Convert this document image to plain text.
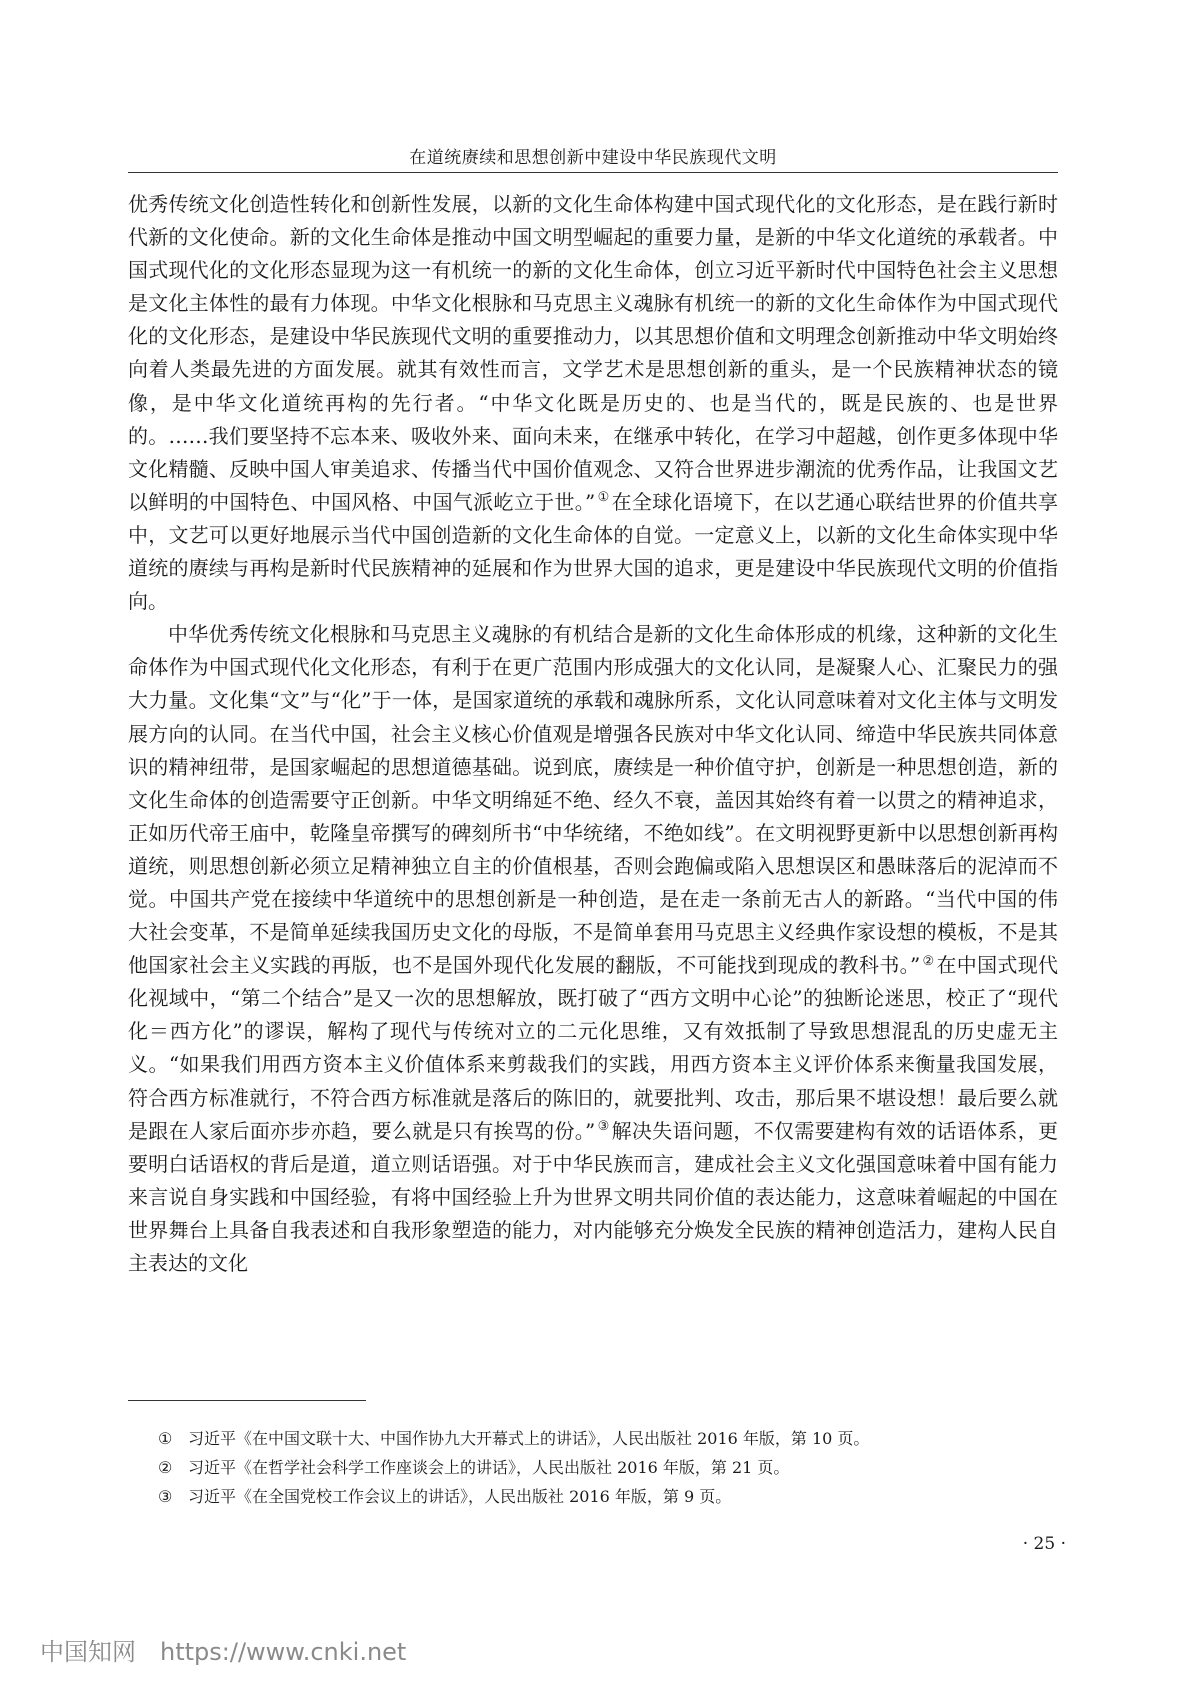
在道统赓续和思想创新中建设中华民族现代文明

优秀传统文化创造性转化和创新性发展，以新的文化生命体构建中国式现代化的文化形态，是在践行新时代新的文化使命。新的文化生命体是推动中国文明型崛起的重要力量，是新的中华文化道统的承载者。中国式现代化的文化形态显现为这一有机统一的新的文化生命体，创立习近平新时代中国特色社会主义思想是文化主体性的最有力体现。中华文化根脉和马克思主义魂脉有机统一的新的文化生命体作为中国式现代化的文化形态，是建设中华民族现代文明的重要推动力，以其思想价值和文明理念创新推动中华文明始终向着人类最先进的方面发展。就其有效性而言，文学艺术是思想创新的重头，是一个民族精神状态的镜像，是中华文化道统再构的先行者。“中华文化既是历史的、也是当代的，既是民族的、也是世界的。……我们要坚持不忘本来、吸收外来、面向未来，在继承中转化，在学习中超越，创作更多体现中华文化精髓、反映中国人审美追求、传播当代中国价值观念、又符合世界进步潮流的优秀作品，让我国文艺以鲜明的中国特色、中国风格、中国气派屹立于世。” ① 在全球化语境下，在以艺通心联结世界的价值共享中，文艺可以更好地展示当代中国创造新的文化生命体的自觉。一定意义上，以新的文化生命体实现中华道统的赓续与再构是新时代民族精神的延展和作为世界大国的追求，更是建设中华民族现代文明的价值指向。

中华优秀传统文化根脉和马克思主义魂脉的有机结合是新的文化生命体形成的机缘，这种新的文化生命体作为中国式现代化文化形态，有利于在更广范围内形成强大的文化认同，是凝聚人心、汇聚民力的强大力量。文化集“文”与“化”于一体，是国家道统的承载和魂脉所系，文化认同意味着对文化主体与文明发展方向的认同。在当代中国，社会主义核心价值观是增强各民族对中华文化认同、缔造中华民族共同体意识的精神纽带，是国家崛起的思想道德基础。说到底，赓续是一种价值守护，创新是一种思想创造，新的文化生命体的创造需要守正创新。中华文明绵延不绝、经久不衰，盖因其始终有着一以贯之的精神追求，正如历代帝王庙中，乾隆皇帝撰写的碑刻所书“中华统绪，不绝如线”。在文明视野更新中以思想创新再构道统，则思想创新必须立足精神独立自主的价值根基，否则会跑偏或陷入思想误区和愚昧落后的泥淖而不觉。中国共产党在接续中华道统中的思想创新是一种创造，是在走一条前无古人的新路。“当代中国的伟大社会变革，不是简单延续我国历史文化的母版，不是简单套用马克思主义经典作家设想的模板，不是其他国家社会主义实践的再版，也不是国外现代化发展的翻版，不可能找到现成的教科书。” ② 在中国式现代化视域中，“第二个结合”是又一次的思想解放，既打破了“西方文明中心论”的独断论迷思，校正了“现代化＝西方化”的谬误，解构了现代与传统对立的二元化思维，又有效抵制了导致思想混乱的历史虚无主义。“如果我们用西方资本主义价值体系来剪裁我们的实践，用西方资本主义评价体系来衡量我国发展，符合西方标准就行，不符合西方标准就是落后的陈旧的，就要批判、攻击，那后果不堪设想！最后要么就是跟在人家后面亦步亦趋，要么就是只有挨骂的份。” ③ 解决失语问题，不仅需要建构有效的话语体系，更要明白话语权的背后是道，道立则话语强。对于中华民族而言，建成社会主义文化强国意味着中国有能力来言说自身实践和中国经验，有将中国经验上升为世界文明共同价值的表达能力，这意味着崛起的中国在世界舞台上具备自我表述和自我形象塑造的能力，对内能够充分焕发全民族的精神创造活力，建构人民自主表达的文化

① 习近平《在中国文联十大、中国作协九大开幕式上的讲话》，人民出版社 2016 年版，第 10 页。

② 习近平《在哲学社会科学工作座谈会上的讲话》，人民出版社 2016 年版，第 21 页。

③ 习近平《在全国党校工作会议上的讲话》，人民出版社 2016 年版，第 9 页。

· 25 ·
中国知网 https://www.cnki.net
